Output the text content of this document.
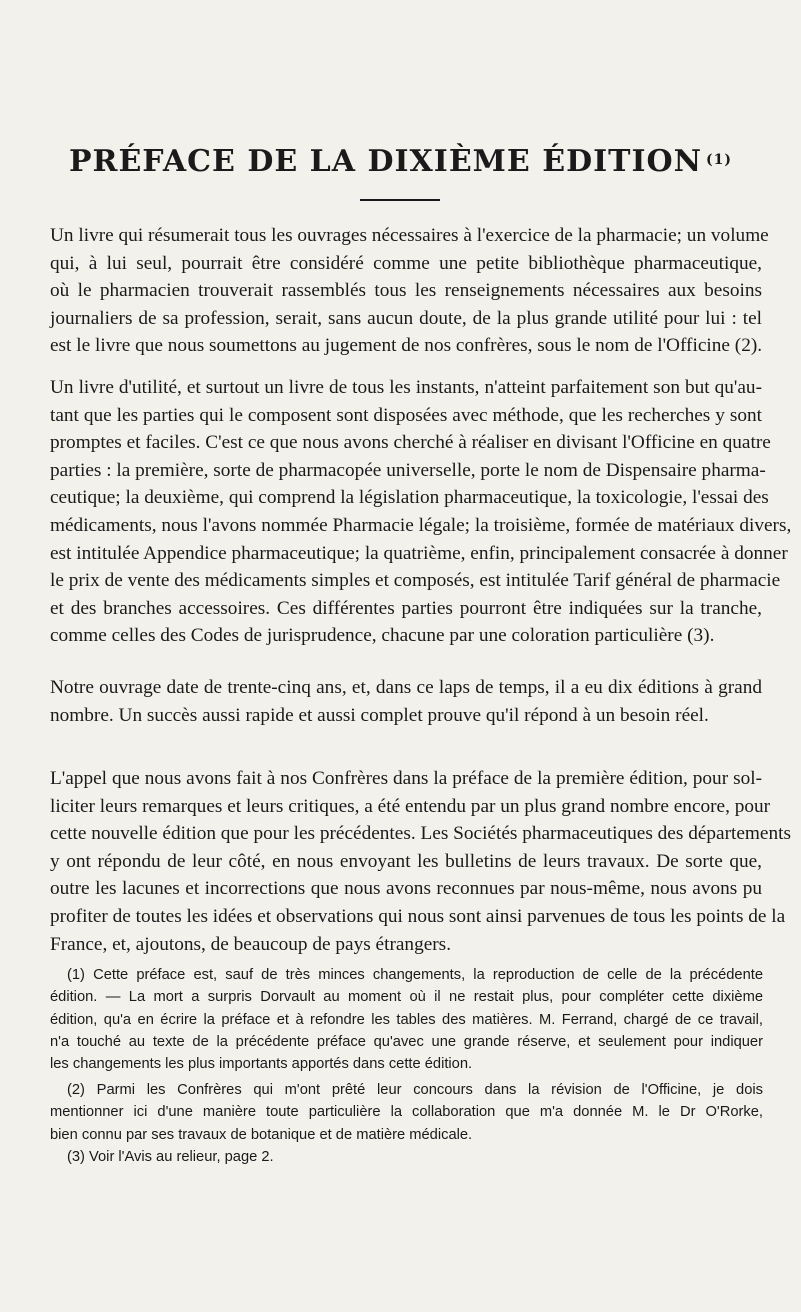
PRÉFACE DE LA DIXIÈME ÉDITION $^{(1)}$
Un livre qui résumerait tous les ouvrages nécessaires à l'exercice de la pharmacie; un volume
qui, à lui seul, pourrait être considéré comme une petite bibliothèque pharmaceutique,
où le pharmacien trouverait rassemblés tous les renseignements nécessaires aux besoins
journaliers de sa profession, serait, sans aucun doute, de la plus grande utilité pour lui : tel
est le livre que nous soumettons au jugement de nos confrères, sous le nom de l'Officine (2).
Un livre d'utilité, et surtout un livre de tous les instants, n'atteint parfaitement son but qu'au-
tant que les parties qui le composent sont disposées avec méthode, que les recherches y sont
promptes et faciles. C'est ce que nous avons cherché à réaliser en divisant l'Officine en quatre
parties : la première, sorte de pharmacopée universelle, porte le nom de Dispensaire pharma-
ceutique; la deuxième, qui comprend la législation pharmaceutique, la toxicologie, l'essai des
médicaments, nous l'avons nommée Pharmacie légale; la troisième, formée de matériaux divers,
est intitulée Appendice pharmaceutique; la quatrième, enfin, principalement consacrée à donner
le prix de vente des médicaments simples et composés, est intitulée Tarif général de pharmacie
et des branches accessoires. Ces différentes parties pourront être indiquées sur la tranche,
comme celles des Codes de jurisprudence, chacune par une coloration particulière (3).
Notre ouvrage date de trente-cinq ans, et, dans ce laps de temps, il a eu dix éditions à grand
nombre. Un succès aussi rapide et aussi complet prouve qu'il répond à un besoin réel.
L'appel que nous avons fait à nos Confrères dans la préface de la première édition, pour sol-
liciter leurs remarques et leurs critiques, a été entendu par un plus grand nombre encore, pour
cette nouvelle édition que pour les précédentes. Les Sociétés pharmaceutiques des départements
y ont répondu de leur côté, en nous envoyant les bulletins de leurs travaux. De sorte que,
outre les lacunes et incorrections que nous avons reconnues par nous-même, nous avons pu
profiter de toutes les idées et observations qui nous sont ainsi parvenues de tous les points de la
France, et, ajoutons, de beaucoup de pays étrangers.
(1) Cette préface est, sauf de très minces changements, la reproduction de celle de la précédente
édition. — La mort a surpris Dorvault au moment où il ne restait plus, pour compléter cette dixième
édition, qu'a en écrire la préface et à refondre les tables des matières. M. Ferrand, chargé de ce travail,
n'a touché au texte de la précédente préface qu'avec une grande réserve, et seulement pour indiquer
les changements les plus importants apportés dans cette édition.
(2) Parmi les Confrères qui m'ont prêté leur concours dans la révision de l'Officine, je dois
mentionner ici d'une manière toute particulière la collaboration que m'a donnée M. le Dr O'Rorke,
bien connu par ses travaux de botanique et de matière médicale.
(3) Voir l'Avis au relieur, page 2.
